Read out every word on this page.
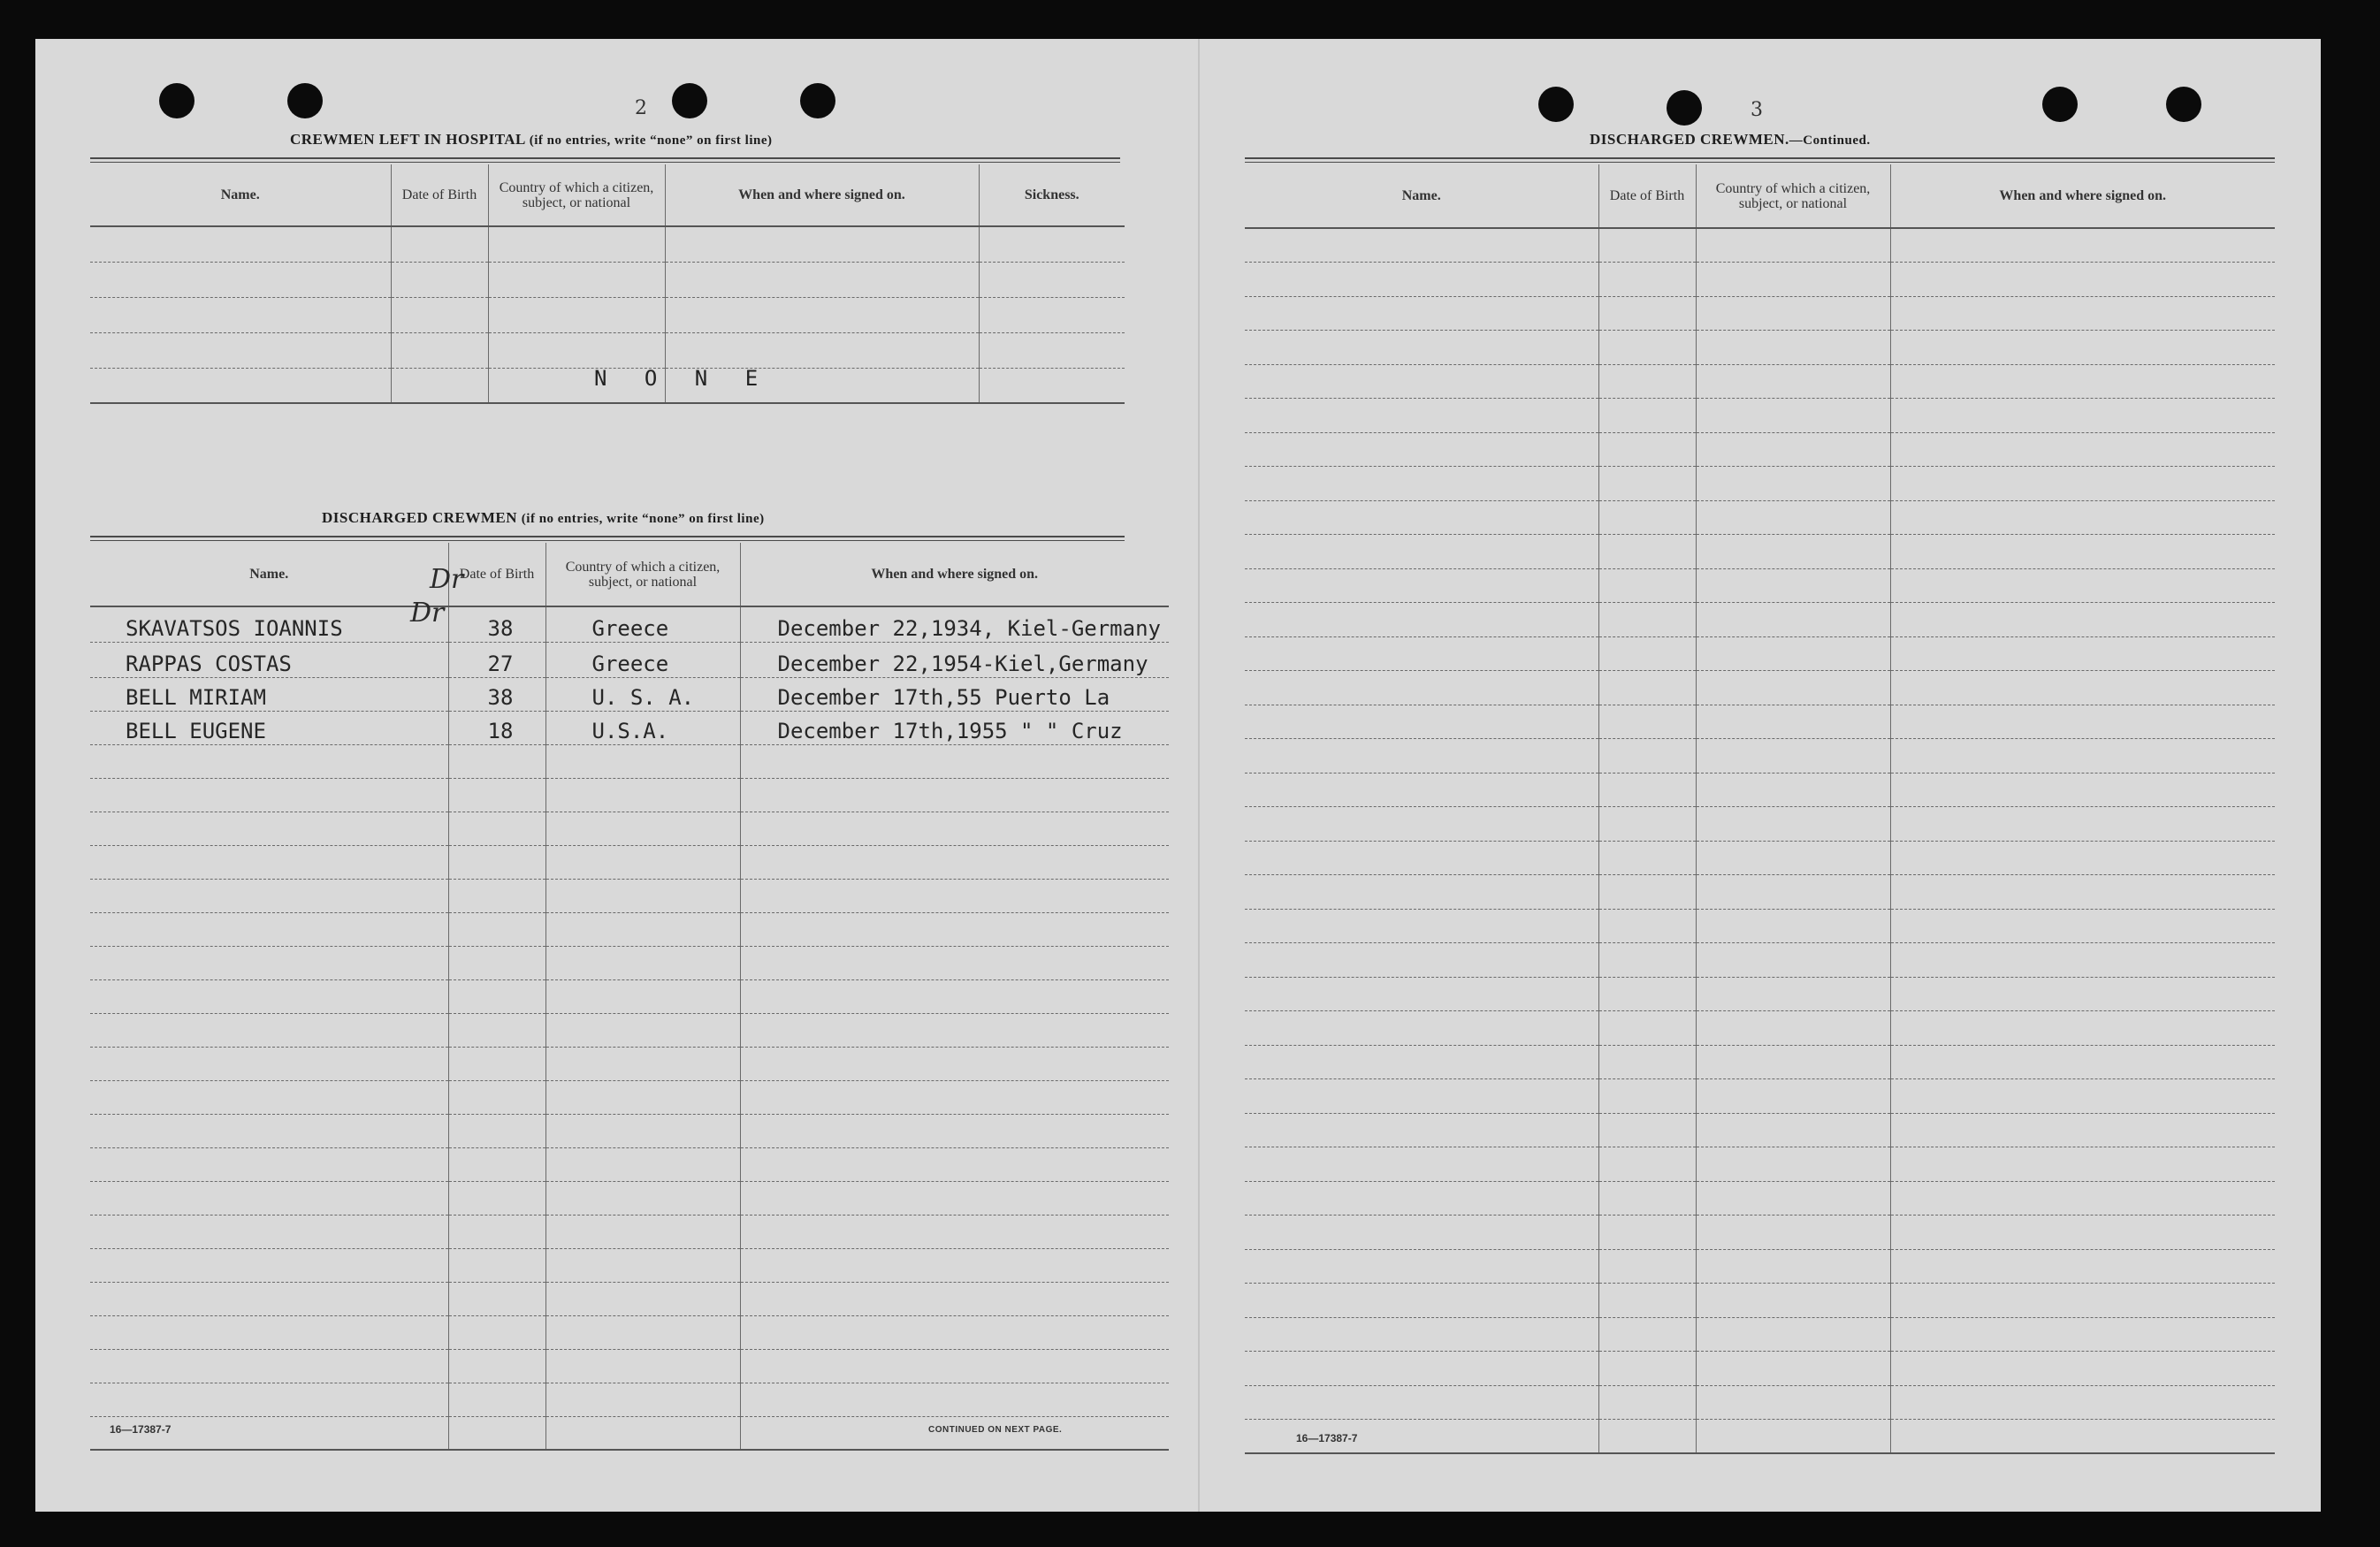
2
CREWMEN LEFT IN HOSPITAL (if no entries, write “none” on first line)
Name.	Date of Birth	Country of which a citizen, subject, or national	When and where signed on.	Sickness.

N O N E
DISCHARGED CREWMEN (if no entries, write “none” on first line)
Name.	Date of Birth	Country of which a citizen, subject, or national	When and where signed on.
SKAVATSOS IOANNIS	38	Greece	December 22,1934, Kiel-Germany
RAPPAS COSTAS	27	Greece	December 22,1954-Kiel,Germany
BELL MIRIAM	38	U. S. A.	December 17th,55 Puerto La
BELL EUGENE	18	U.S.A.	December 17th,1955 " " Cruz

Dr
Dr
16—17387-7	CONTINUED ON NEXT PAGE.
3
DISCHARGED CREWMEN.—Continued.
Name.	Date of Birth	Country of which a citizen, subject, or national	When and where signed on.

16—17387-7
